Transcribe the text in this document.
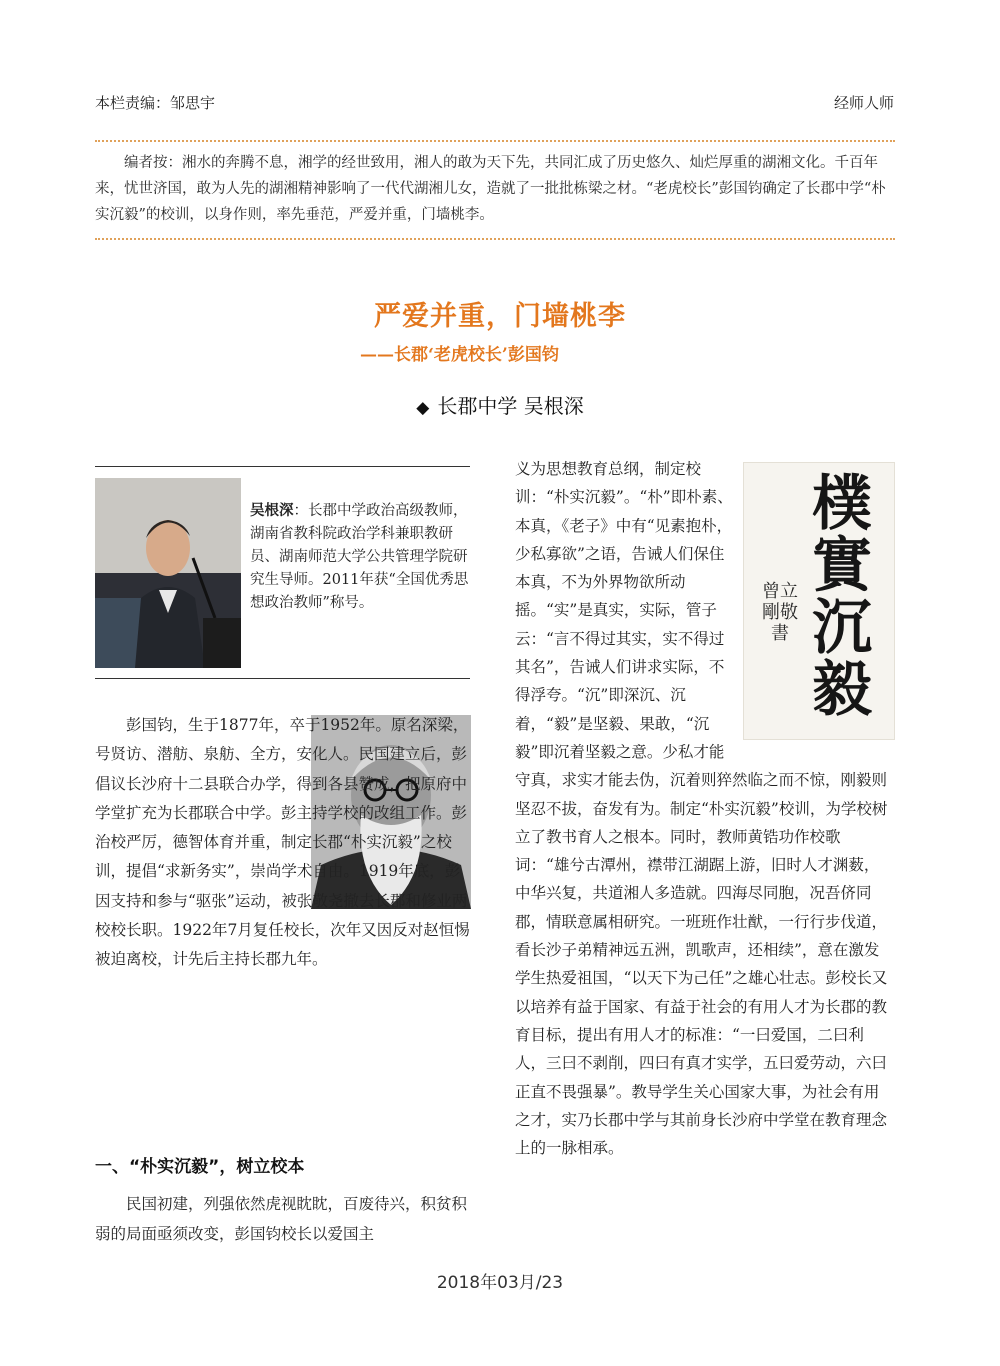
本栏责编：邹思宇	经师人师

编者按：湘水的奔腾不息，湘学的经世致用，湘人的敢为天下先，共同汇成了历史悠久、灿烂厚重的湖湘文化。千百年来，忧世济国，敢为人先的湖湘精神影响了一代代湖湘儿女，造就了一批批栋梁之材。“老虎校长”彭国钧确定了长郡中学“朴实沉毅”的校训，以身作则，率先垂范，严爱并重，门墙桃李。

严爱并重，门墙桃李
——长郡‘老虎校长’彭国钧
◆ 长郡中学 吴根深

吴根深：长郡中学政治高级教师，湖南省教科院政治学科兼职教研员、湖南师范大学公共管理学院研究生导师。2011年获“全国优秀思想政治教师”称号。

彭国钧，生于1877年，卒于1952年。原名深梁，号贤访、潜舫、泉舫、全方，安化人。民国建立后，彭倡议长沙府十二县联合办学，得到各县赞成，把原府中学堂扩充为长郡联合中学。彭主持学校的改组工作。彭治校严厉，德智体育并重，制定长郡“朴实沉毅”之校训，提倡“求新务实”，崇尚学术自由。1919年底，彭因支持和参与“驱张”运动，被张敬尧撤去长郡和修业两校校长职。1922年7月复任校长，次年又因反对赵恒惕被迫离校，计先后主持长郡九年。

一、“朴实沉毅”，树立校本

民国初建，列强依然虎视眈眈，百废待兴，积贫积弱的局面亟须改变，彭国钧校长以爱国主

义为思想教育总纲，制定校训：“朴实沉毅”。“朴”即朴素、本真，《老子》中有“见素抱朴，少私寡欲”之语，告诫人们保住本真，不为外界物欲所动摇。“实”是真实，实际，管子云：“言不得过其实，实不得过其名”，告诫人们讲求实际，不得浮夸。“沉”即深沉、沉着，“毅”是坚毅、果敢，“沉毅”即沉着坚毅之意。少私才能守真，求实才能去伪，沉着则猝然临之而不惊，刚毅则坚忍不拔，奋发有为。制定“朴实沉毅”校训，为学校树立了教书育人之根本。同时，教师黄锆功作校歌词：“雄兮古潭州，襟带江湖踞上游，旧时人才渊薮，中华兴复，共道湘人多造就。四海尽同胞，况吾侪同郡，情联意属相研究。一班班作壮猷，一行行步伐道，看长沙子弟精神远五洲，凯歌声，还相续”，意在激发学生热爱祖国，“以天下为己任”之雄心壮志。彭校长又以培养有益于国家、有益于社会的有用人才为长郡的教育目标，提出有用人才的标准：“一曰爱国，二曰利人，三曰不剥削，四曰有真才实学，五曰爱劳动，六曰正直不畏强暴”。教导学生关心国家大事，为社会有用之才，实乃长郡中学与其前身长沙府中学堂在教育理念上的一脉相承。

樸實沉毅
曾立剛敬書
2018年03月/23
